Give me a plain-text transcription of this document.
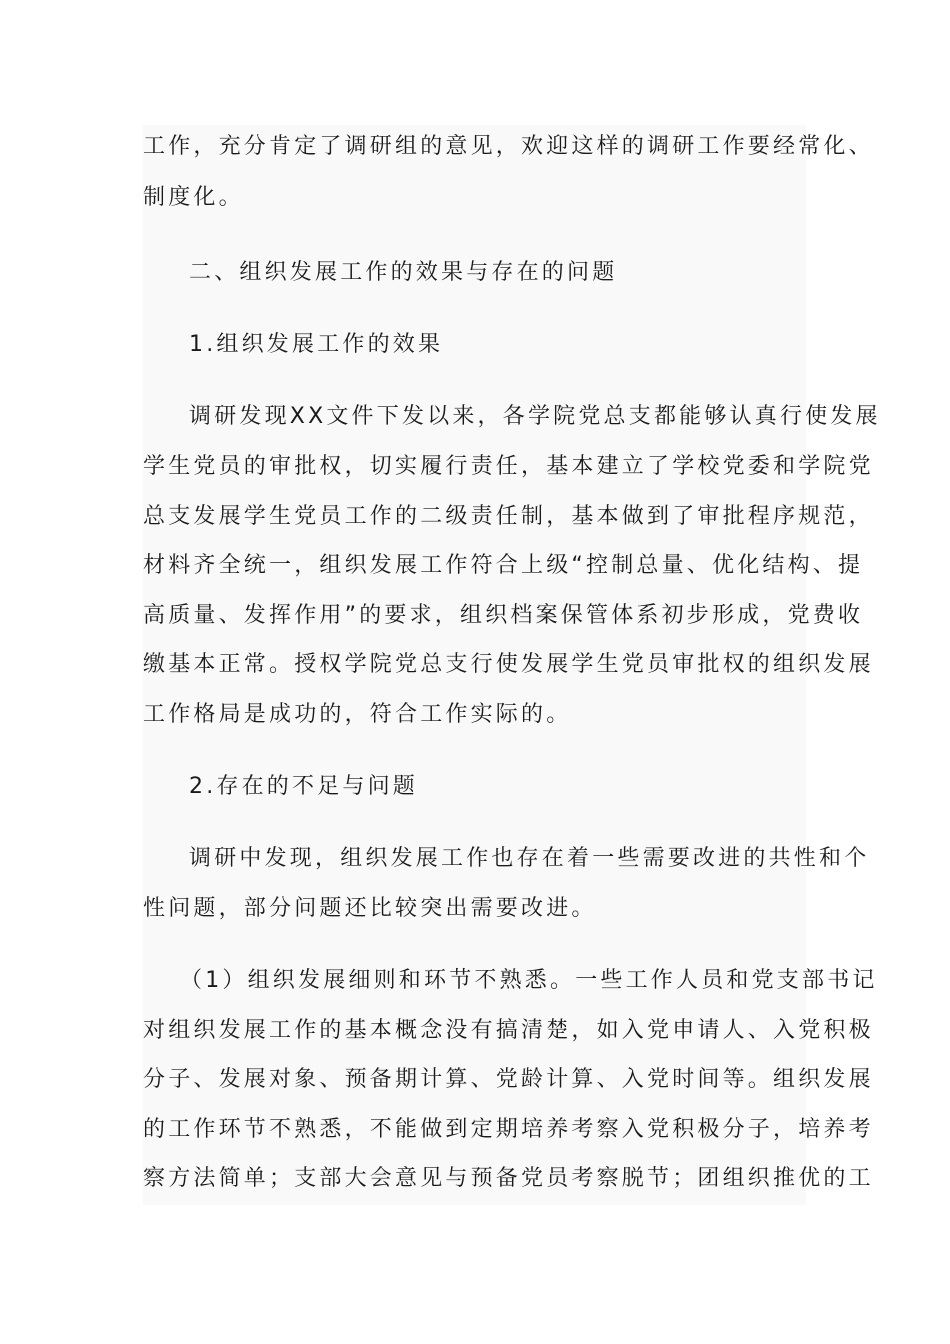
工作，充分肯定了调研组的意见，欢迎这样的调研工作要经常化、
制度化。
二、组织发展工作的效果与存在的问题
1.组织发展工作的效果
调研发现XX文件下发以来，各学院党总支都能够认真行使发展
学生党员的审批权，切实履行责任，基本建立了学校党委和学院党
总支发展学生党员工作的二级责任制，基本做到了审批程序规范，
材料齐全统一，组织发展工作符合上级“控制总量、优化结构、提
高质量、发挥作用”的要求，组织档案保管体系初步形成，党费收
缴基本正常。授权学院党总支行使发展学生党员审批权的组织发展
工作格局是成功的，符合工作实际的。
2.存在的不足与问题
调研中发现，组织发展工作也存在着一些需要改进的共性和个
性问题，部分问题还比较突出需要改进。
（1）组织发展细则和环节不熟悉。一些工作人员和党支部书记
对组织发展工作的基本概念没有搞清楚，如入党申请人、入党积极
分子、发展对象、预备期计算、党龄计算、入党时间等。组织发展
的工作环节不熟悉，不能做到定期培养考察入党积极分子，培养考
察方法简单；支部大会意见与预备党员考察脱节；团组织推优的工
